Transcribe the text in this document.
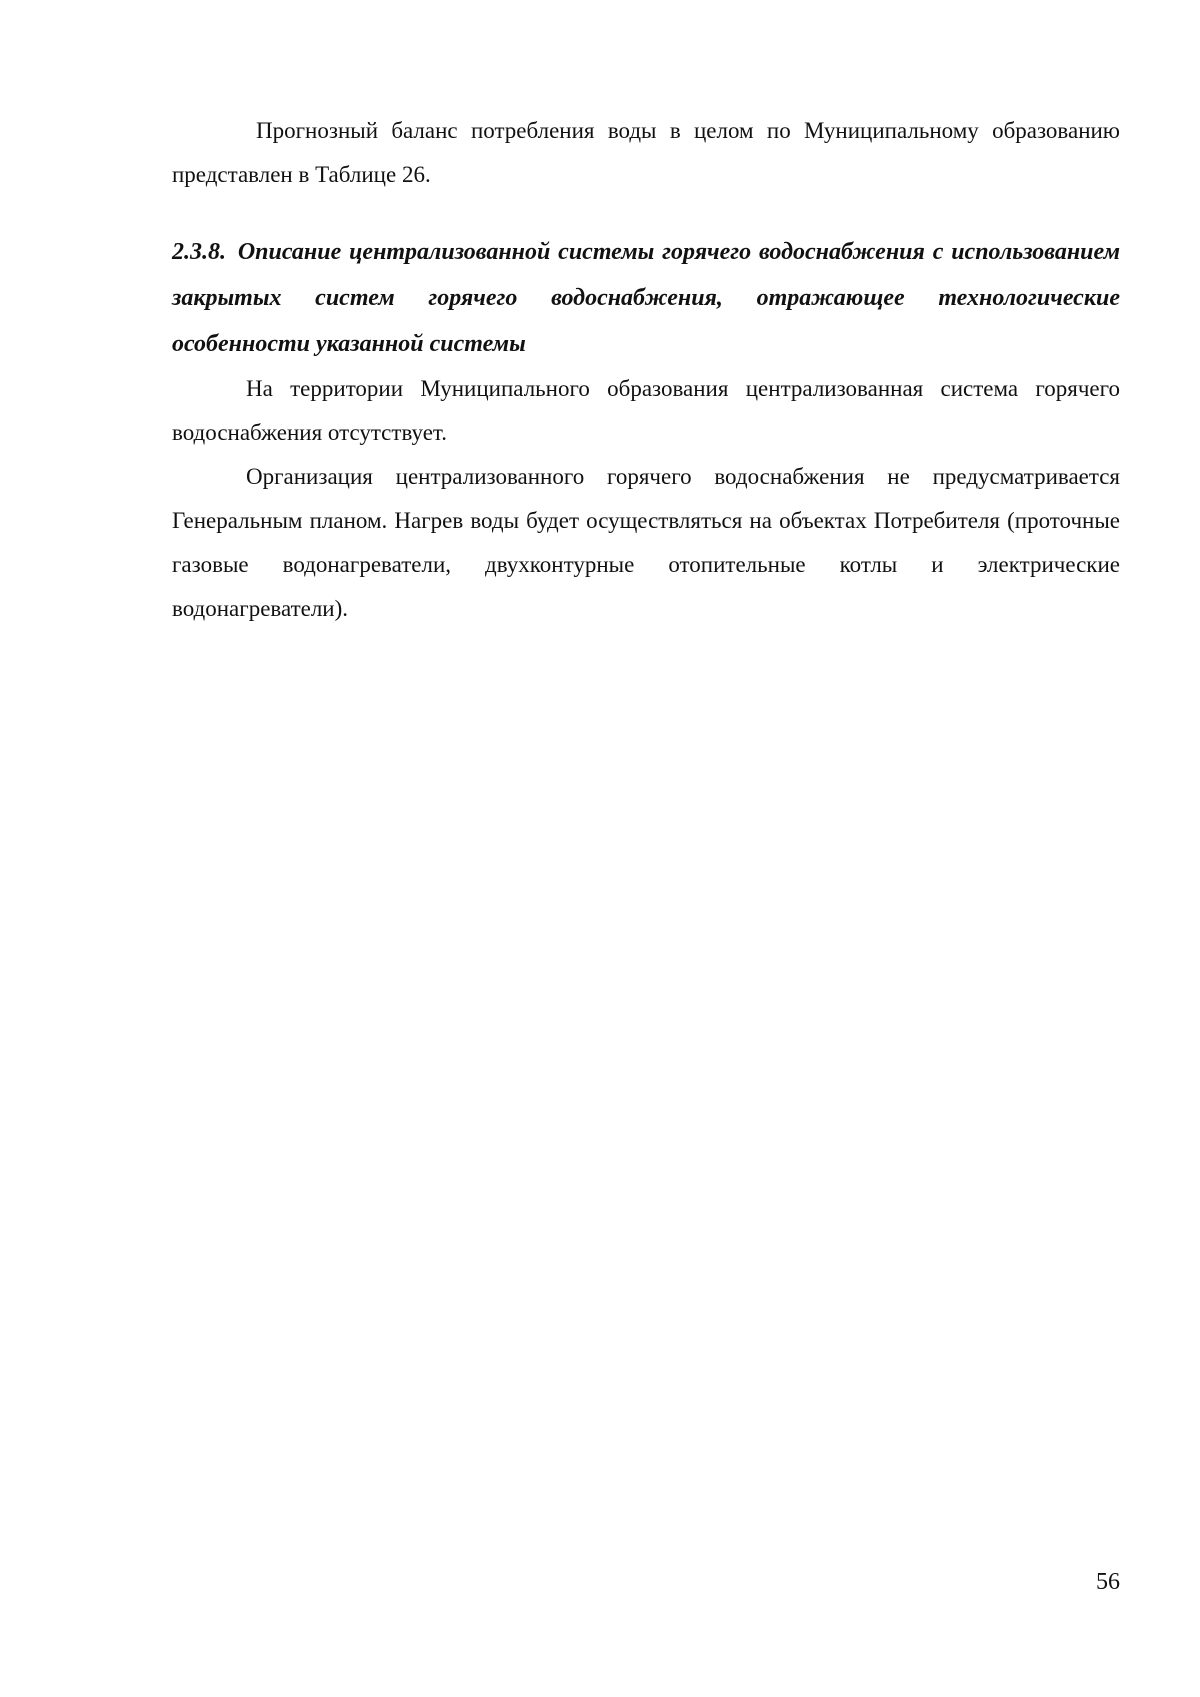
Прогнозный баланс потребления воды в целом по Муниципальному образованию представлен в Таблице 26.

2.3.8. Описание централизованной системы горячего водоснабжения с использованием закрытых систем горячего водоснабжения, отражающее технологические особенности указанной системы

На территории Муниципального образования централизованная система горячего водоснабжения отсутствует.

Организация централизованного горячего водоснабжения не предусматривается Генеральным планом. Нагрев воды будет осуществляться на объектах Потребителя (проточные газовые водонагреватели, двухконтурные отопительные котлы и электрические водонагреватели).

56
